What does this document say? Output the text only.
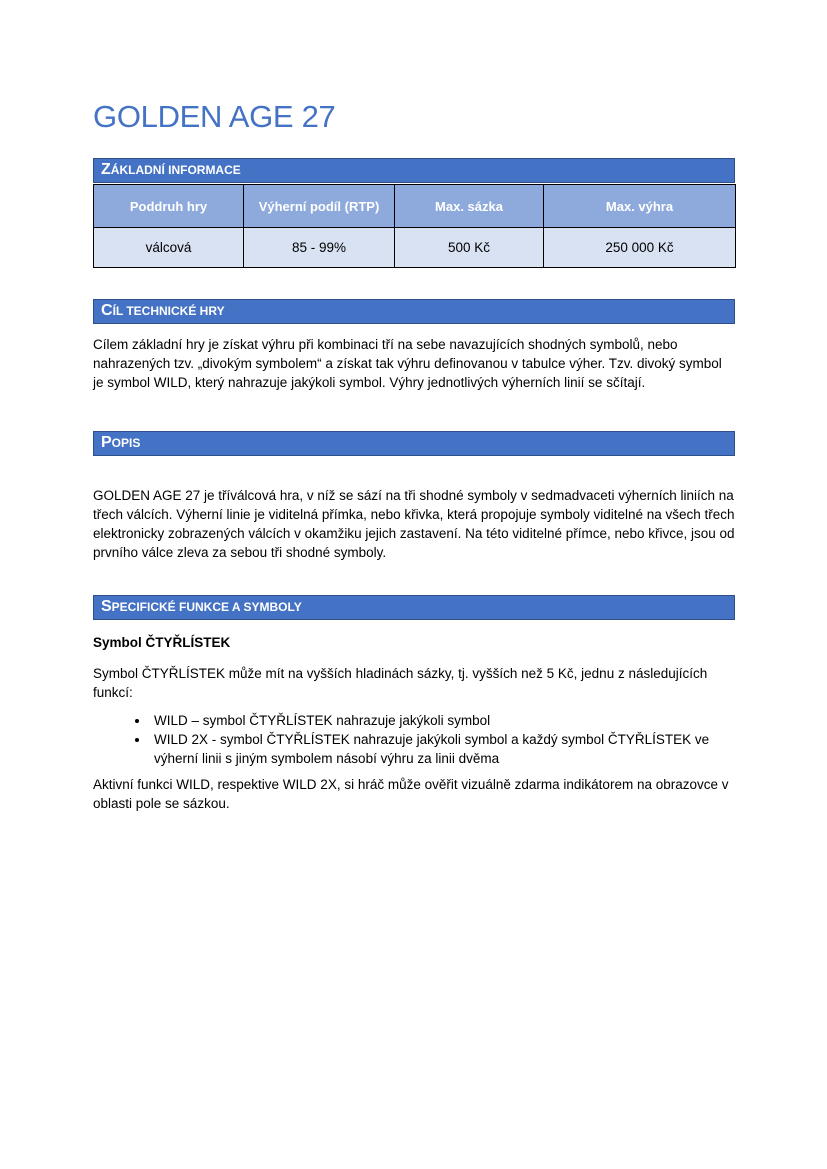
GOLDEN AGE 27
ZÁKLADNÍ INFORMACE
Poddruh hry	Výherní podíl (RTP)	Max. sázka	Max. výhra
válcová	85 - 99%	500 Kč	250 000 Kč
CÍL TECHNICKÉ HRY

Cílem základní hry je získat výhru při kombinaci tří na sebe navazujících shodných symbolů, nebo nahrazených tzv. „divokým symbolem“ a získat tak výhru definovanou v tabulce výher. Tzv. divoký symbol je symbol WILD, který nahrazuje jakýkoli symbol. Výhry jednotlivých výherních linií se sčítají.

POPIS

GOLDEN AGE 27 je tříválcová hra, v níž se sází na tři shodné symboly v sedmadvaceti výherních liniích na třech válcích. Výherní linie je viditelná přímka, nebo křivka, která propojuje symboly viditelné na všech třech elektronicky zobrazených válcích v okamžiku jejich zastavení. Na této viditelné přímce, nebo křivce, jsou od prvního válce zleva za sebou tři shodné symboly.

SPECIFICKÉ FUNKCE A SYMBOLY
Symbol ČTYŘLÍSTEK

Symbol ČTYŘLÍSTEK může mít na vyšších hladinách sázky, tj. vyšších než 5 Kč, jednu z následujících funkcí:

• WILD – symbol ČTYŘLÍSTEK nahrazuje jakýkoli symbol
• WILD 2X - symbol ČTYŘLÍSTEK nahrazuje jakýkoli symbol a každý symbol ČTYŘLÍSTEK ve výherní linii s jiným symbolem násobí výhru za linii dvěma

Aktivní funkci WILD, respektive WILD 2X, si hráč může ověřit vizuálně zdarma indikátorem na obrazovce v oblasti pole se sázkou.
